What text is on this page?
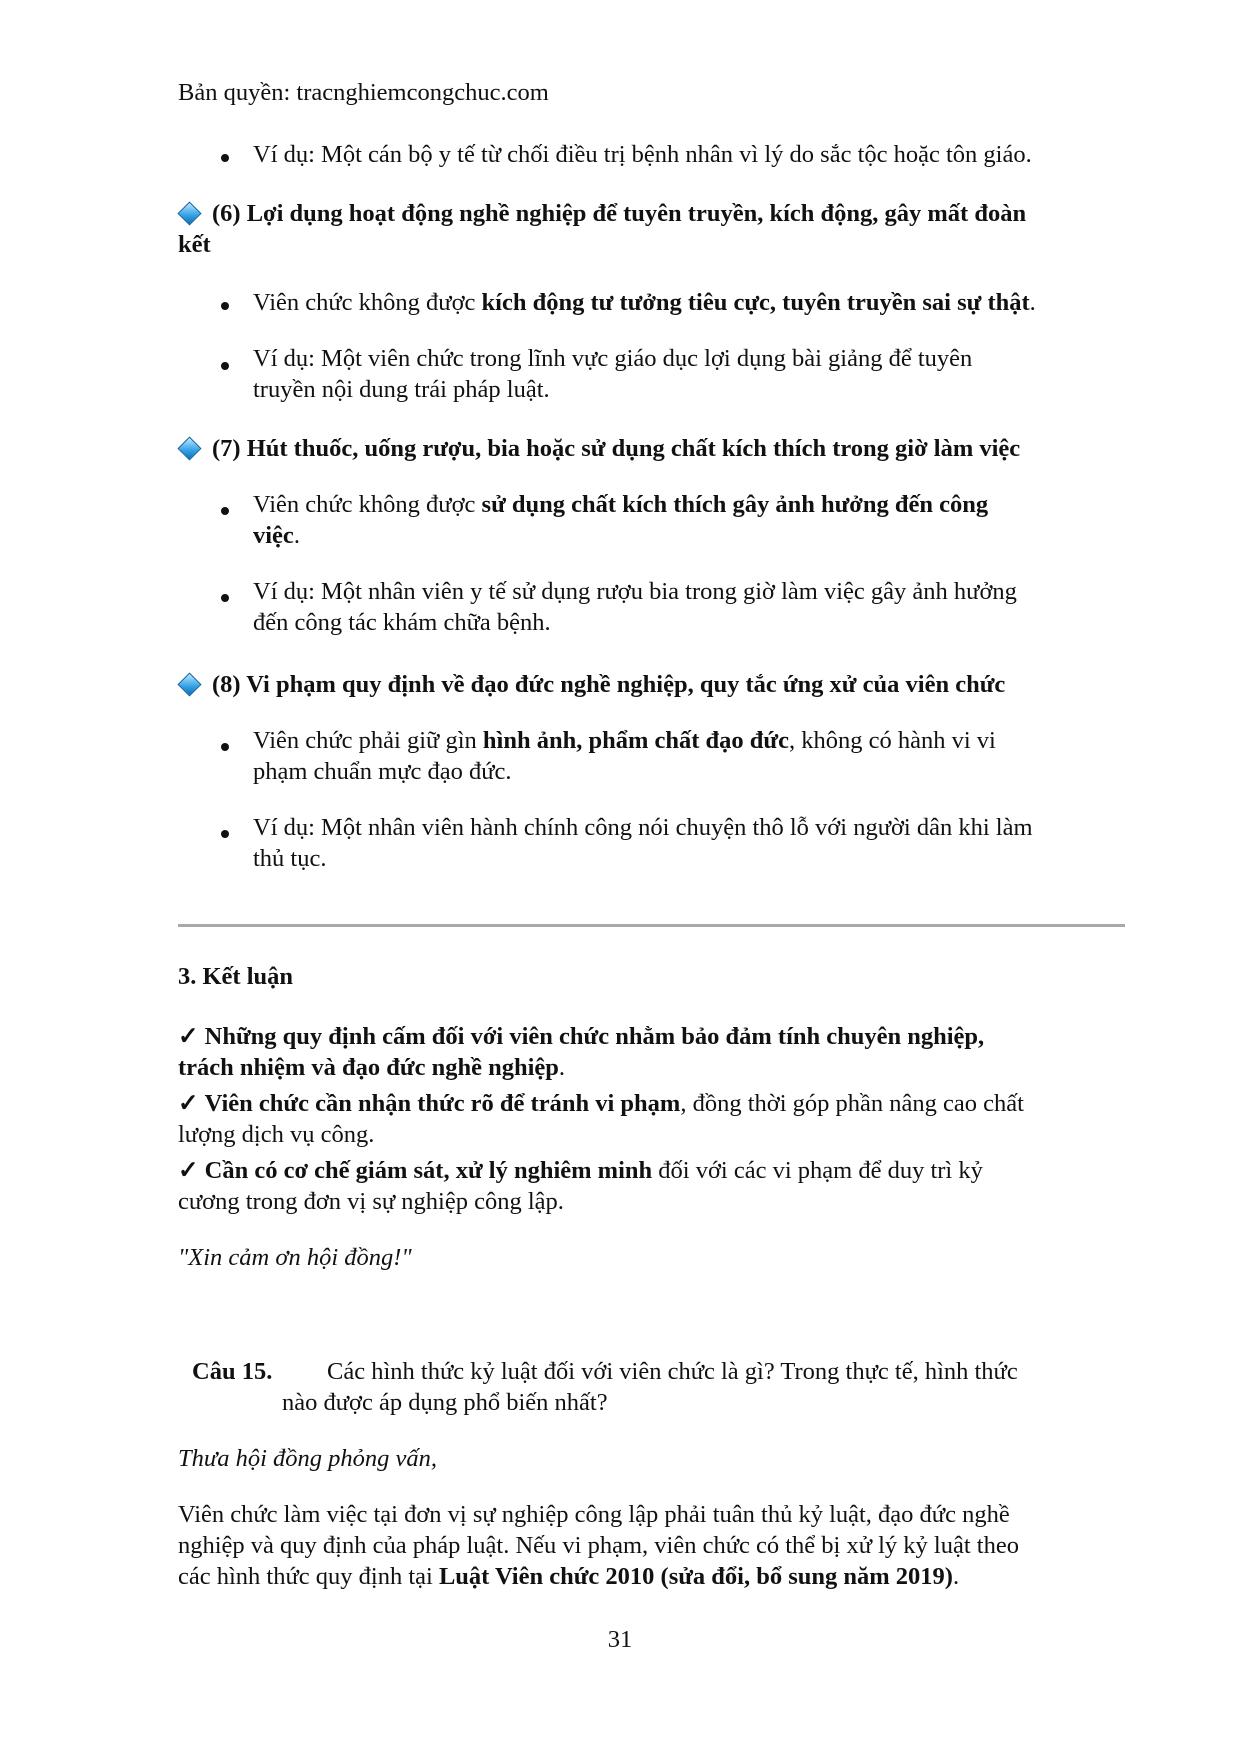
Bản quyền: tracnghiemcongchuc.com
Ví dụ: Một cán bộ y tế từ chối điều trị bệnh nhân vì lý do sắc tộc hoặc tôn giáo.
(6) Lợi dụng hoạt động nghề nghiệp để tuyên truyền, kích động, gây mất đoàn
kết
Viên chức không được kích động tư tưởng tiêu cực, tuyên truyền sai sự thật.
Ví dụ: Một viên chức trong lĩnh vực giáo dục lợi dụng bài giảng để tuyên
truyền nội dung trái pháp luật.
(7) Hút thuốc, uống rượu, bia hoặc sử dụng chất kích thích trong giờ làm việc
Viên chức không được sử dụng chất kích thích gây ảnh hưởng đến công
việc.
Ví dụ: Một nhân viên y tế sử dụng rượu bia trong giờ làm việc gây ảnh hưởng
đến công tác khám chữa bệnh.
(8) Vi phạm quy định về đạo đức nghề nghiệp, quy tắc ứng xử của viên chức
Viên chức phải giữ gìn hình ảnh, phẩm chất đạo đức, không có hành vi vi
phạm chuẩn mực đạo đức.
Ví dụ: Một nhân viên hành chính công nói chuyện thô lỗ với người dân khi làm
thủ tục.
3. Kết luận
✓ Những quy định cấm đối với viên chức nhằm bảo đảm tính chuyên nghiệp,
trách nhiệm và đạo đức nghề nghiệp.
✓ Viên chức cần nhận thức rõ để tránh vi phạm, đồng thời góp phần nâng cao chất
lượng dịch vụ công.
✓ Cần có cơ chế giám sát, xử lý nghiêm minh đối với các vi phạm để duy trì kỷ
cương trong đơn vị sự nghiệp công lập.
"Xin cảm ơn hội đồng!"
Câu 15. Các hình thức kỷ luật đối với viên chức là gì? Trong thực tế, hình thức
nào được áp dụng phổ biến nhất?
Thưa hội đồng phỏng vấn,
Viên chức làm việc tại đơn vị sự nghiệp công lập phải tuân thủ kỷ luật, đạo đức nghề
nghiệp và quy định của pháp luật. Nếu vi phạm, viên chức có thể bị xử lý kỷ luật theo
các hình thức quy định tại Luật Viên chức 2010 (sửa đổi, bổ sung năm 2019).
31
